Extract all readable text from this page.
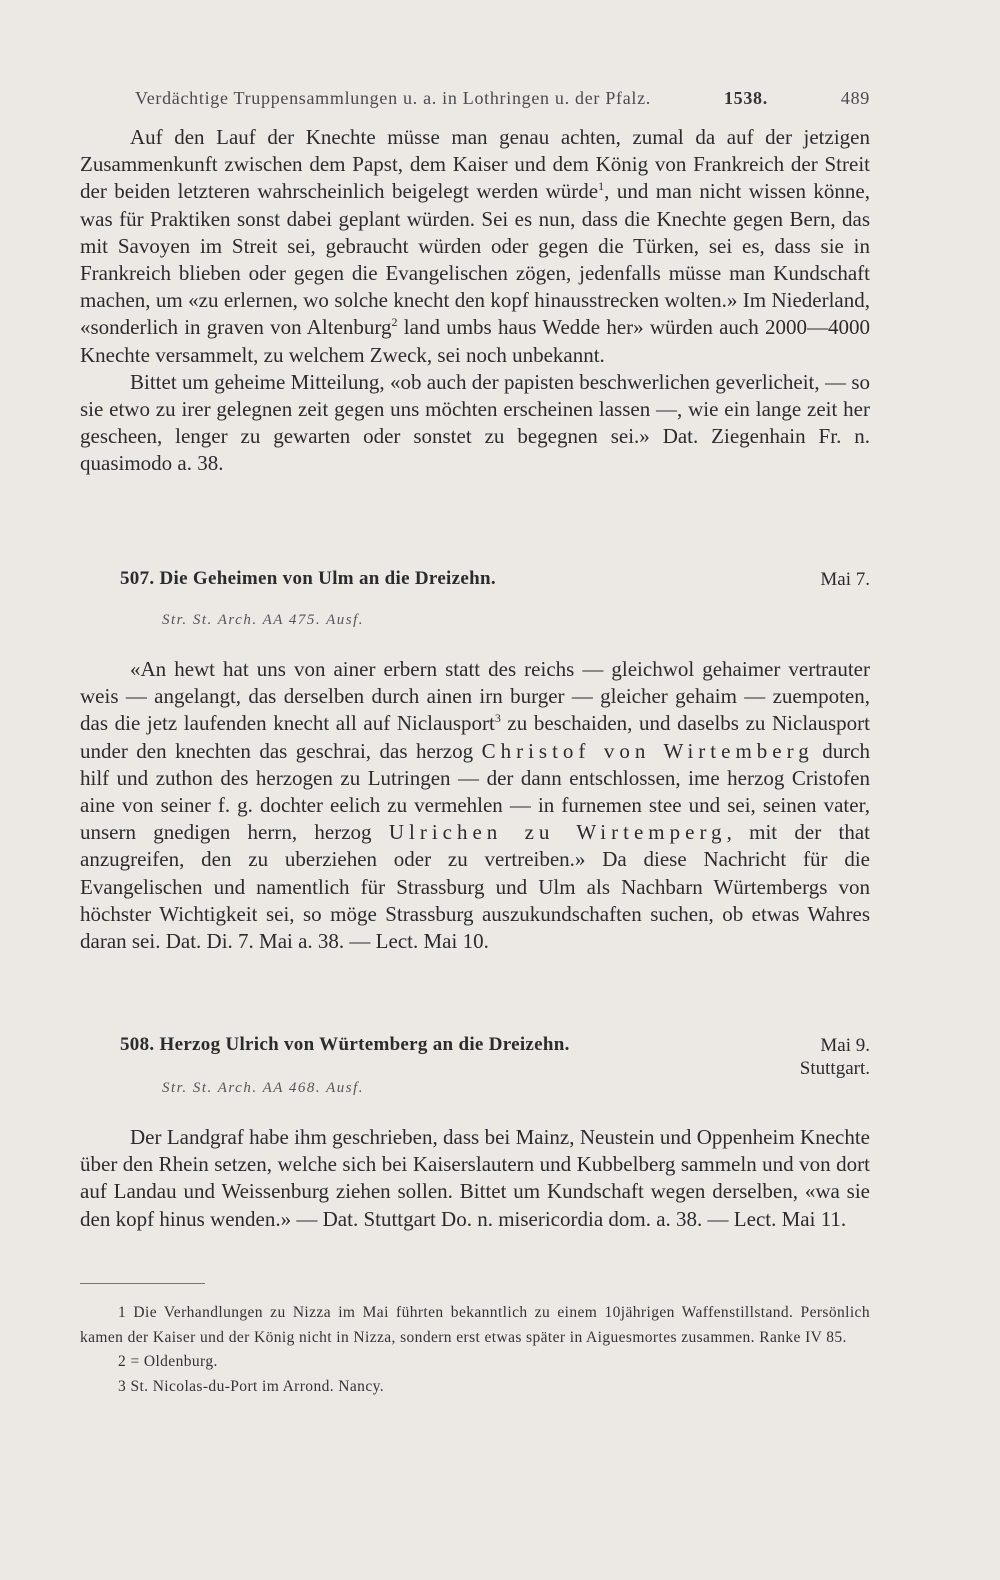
Verdächtige Truppensammlungen u. a. in Lothringen u. der Pfalz.	1538.	489

Auf den Lauf der Knechte müsse man genau achten, zumal da auf der jetzigen Zusammenkunft zwischen dem Papst, dem Kaiser und dem König von Frankreich der Streit der beiden letzteren wahrscheinlich beigelegt werden würde$^1$, und man nicht wissen könne, was für Praktiken sonst dabei geplant würden. Sei es nun, dass die Knechte gegen Bern, das mit Savoyen im Streit sei, gebraucht würden oder gegen die Türken, sei es, dass sie in Frankreich blieben oder gegen die Evangelischen zögen, jedenfalls müsse man Kundschaft machen, um «zu erlernen, wo solche knecht den kopf hinausstrecken wolten.» Im Niederland, «sonderlich in graven von Altenburg$^2$ land umbs haus Wedde her» würden auch 2000—4000 Knechte versammelt, zu welchem Zweck, sei noch unbekannt.

Bittet um geheime Mitteilung, «ob auch der papisten beschwerlichen geverlicheit, — so sie etwo zu irer gelegnen zeit gegen uns möchten erscheinen lassen —, wie ein lange zeit her gescheen, lenger zu gewarten oder sonstet zu begegnen sei.» Dat. Ziegenhain Fr. n. quasimodo a. 38.

507. Die Geheimen von Ulm an die Dreizehn.	Mai 7.
Str. St. Arch. AA 475. Ausf.

«An hewt hat uns von ainer erbern statt des reichs — gleichwol gehaimer vertrauter weis — angelangt, das derselben durch ainen irn burger — gleicher gehaim — zuempoten, das die jetz laufenden knecht all auf Niclausport$^3$ zu beschaiden, und daselbs zu Niclausport under den knechten das geschrai, das herzog Christof von Wirtemberg durch hilf und zuthon des herzogen zu Lutringen — der dann entschlossen, ime herzog Cristofen aine von seiner f. g. dochter eelich zu vermehlen — in furnemen stee und sei, seinen vater, unsern gnedigen herrn, herzog Ulrichen zu Wirtemperg, mit der that anzugreifen, den zu uberziehen oder zu vertreiben.» Da diese Nachricht für die Evangelischen und namentlich für Strassburg und Ulm als Nachbarn Würtembergs von höchster Wichtigkeit sei, so möge Strassburg auszukundschaften suchen, ob etwas Wahres daran sei. Dat. Di. 7. Mai a. 38. — Lect. Mai 10.

508. Herzog Ulrich von Würtemberg an die Dreizehn.	Mai 9.
Stuttgart.
Str. St. Arch. AA 468. Ausf.

Der Landgraf habe ihm geschrieben, dass bei Mainz, Neustein und Oppenheim Knechte über den Rhein setzen, welche sich bei Kaiserslautern und Kubbelberg sammeln und von dort auf Landau und Weissenburg ziehen sollen. Bittet um Kundschaft wegen derselben, «wa sie den kopf hinus wenden.» — Dat. Stuttgart Do. n. misericordia dom. a. 38. — Lect. Mai 11.

1 Die Verhandlungen zu Nizza im Mai führten bekanntlich zu einem 10jährigen Waffenstillstand. Persönlich kamen der Kaiser und der König nicht in Nizza, sondern erst etwas später in Aiguesmortes zusammen. Ranke IV 85.

2 = Oldenburg.

3 St. Nicolas-du-Port im Arrond. Nancy.
